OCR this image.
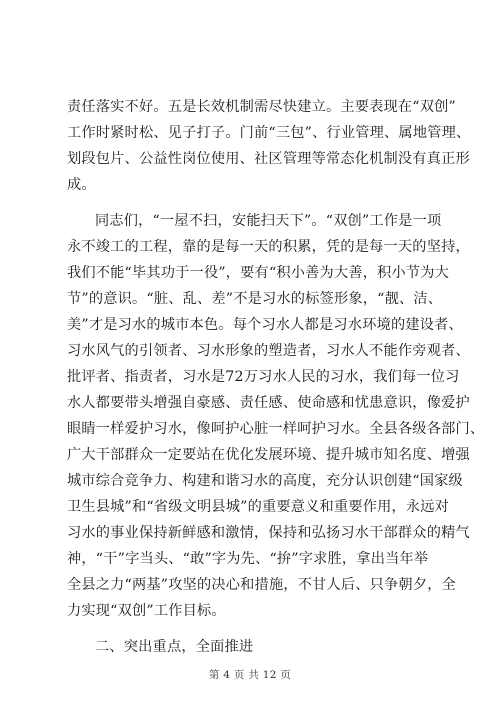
责任落实不好。五是长效机制需尽快建立。主要表现在“双创”
工作时紧时松、见子打子。门前“三包”、行业管理、属地管理、
划段包片、公益性岗位使用、社区管理等常态化机制没有真正形
成。
同志们，“一屋不扫，安能扫天下”。“双创”工作是一项
永不竣工的工程，靠的是每一天的积累，凭的是每一天的坚持，
我们不能“毕其功于一役”，要有“积小善为大善，积小节为大
节”的意识。“脏、乱、差”不是习水的标签形象，“靓、洁、
美”才是习水的城市本色。每个习水人都是习水环境的建设者、
习水风气的引领者、习水形象的塑造者，习水人不能作旁观者、
批评者、指责者，习水是72万习水人民的习水，我们每一位习
水人都要带头增强自豪感、责任感、使命感和忧患意识，像爱护
眼睛一样爱护习水，像呵护心脏一样呵护习水。全县各级各部门、
广大干部群众一定要站在优化发展环境、提升城市知名度、增强
城市综合竞争力、构建和谐习水的高度，充分认识创建“国家级
卫生县城”和“省级文明县城”的重要意义和重要作用，永远对
习水的事业保持新鲜感和激情，保持和弘扬习水干部群众的精气
神，“干”字当头、“敢”字为先、“拚”字求胜，拿出当年举
全县之力“两基”攻坚的决心和措施，不甘人后、只争朝夕，全
力实现“双创”工作目标。
二、突出重点，全面推进
第 4 页 共 12 页
